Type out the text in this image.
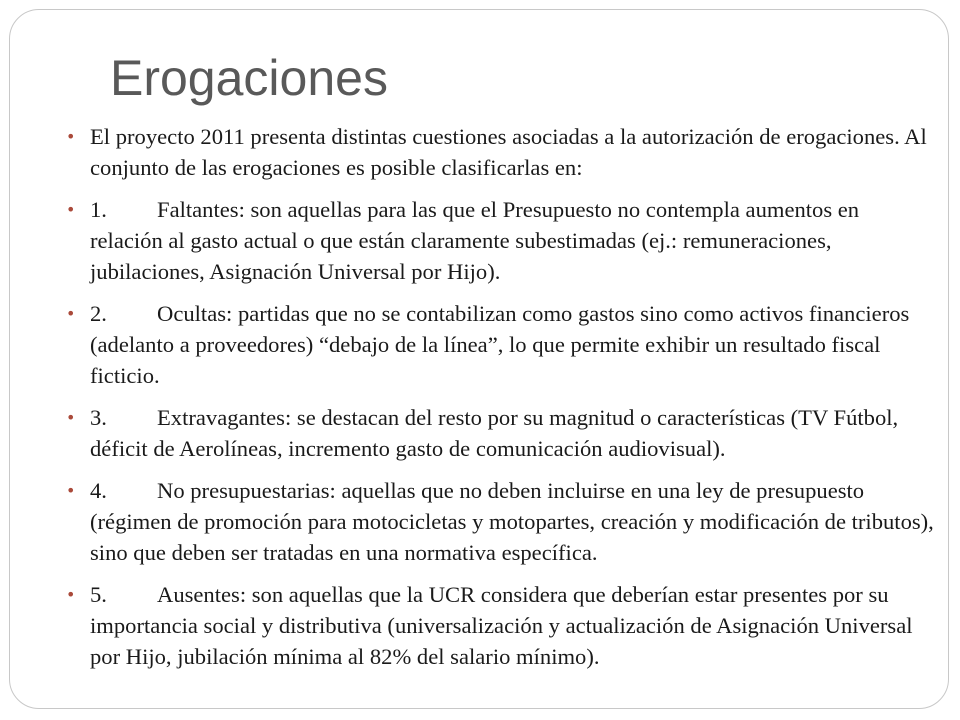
Erogaciones
• El proyecto 2011 presenta distintas cuestiones asociadas a la autorización de erogaciones. Al conjunto de las erogaciones es posible clasificarlas en:
• 1. Faltantes: son aquellas para las que el Presupuesto no contempla aumentos en relación al gasto actual o que están claramente subestimadas (ej.: remuneraciones, jubilaciones, Asignación Universal por Hijo).
• 2. Ocultas: partidas que no se contabilizan como gastos sino como activos financieros (adelanto a proveedores) “debajo de la línea”, lo que permite exhibir un resultado fiscal ficticio.
• 3. Extravagantes: se destacan del resto por su magnitud o características (TV Fútbol, déficit de Aerolíneas, incremento gasto de comunicación audiovisual).
• 4. No presupuestarias: aquellas que no deben incluirse en una ley de presupuesto (régimen de promoción para motocicletas y motopartes, creación y modificación de tributos), sino que deben ser tratadas en una normativa específica.
• 5. Ausentes: son aquellas que la UCR considera que deberían estar presentes por su importancia social y distributiva (universalización y actualización de Asignación Universal por Hijo, jubilación mínima al 82% del salario mínimo).
